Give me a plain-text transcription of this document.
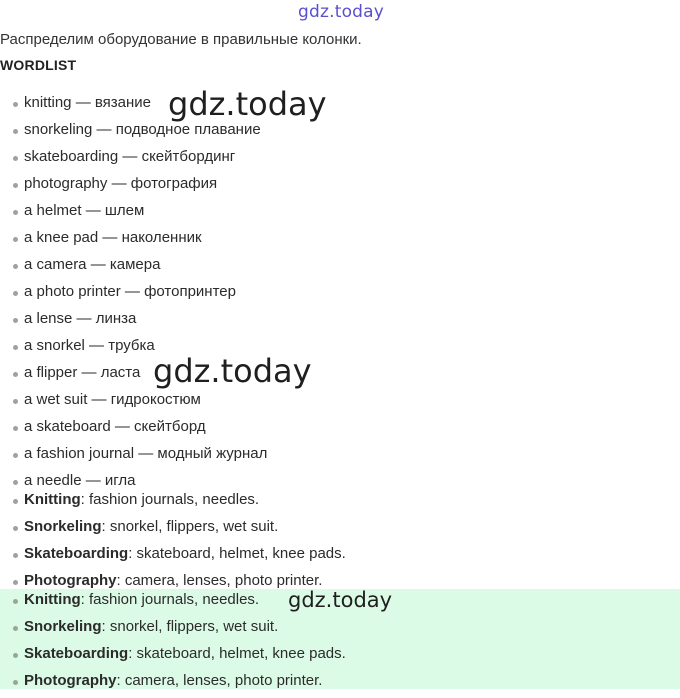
gdz.today
Распределим оборудование в правильные колонки.
WORDLIST
knitting — вязание
snorkeling — подводное плавание
skateboarding — скейтбординг
photography — фотография
a helmet — шлем
a knee pad — наколенник
a camera — камера
a photo printer — фотопринтер
a lense — линза
a snorkel — трубка
a flipper — ласта
a wet suit — гидрокостюм
a skateboard — скейтборд
a fashion journal — модный журнал
a needle — игла
Knitting: fashion journals, needles.
Snorkeling: snorkel, flippers, wet suit.
Skateboarding: skateboard, helmet, knee pads.
Photography: camera, lenses, photo printer.
Knitting: fashion journals, needles.
Snorkeling: snorkel, flippers, wet suit.
Skateboarding: skateboard, helmet, knee pads.
Photography: camera, lenses, photo printer.
gdz.today
gdz.today
gdz.today
